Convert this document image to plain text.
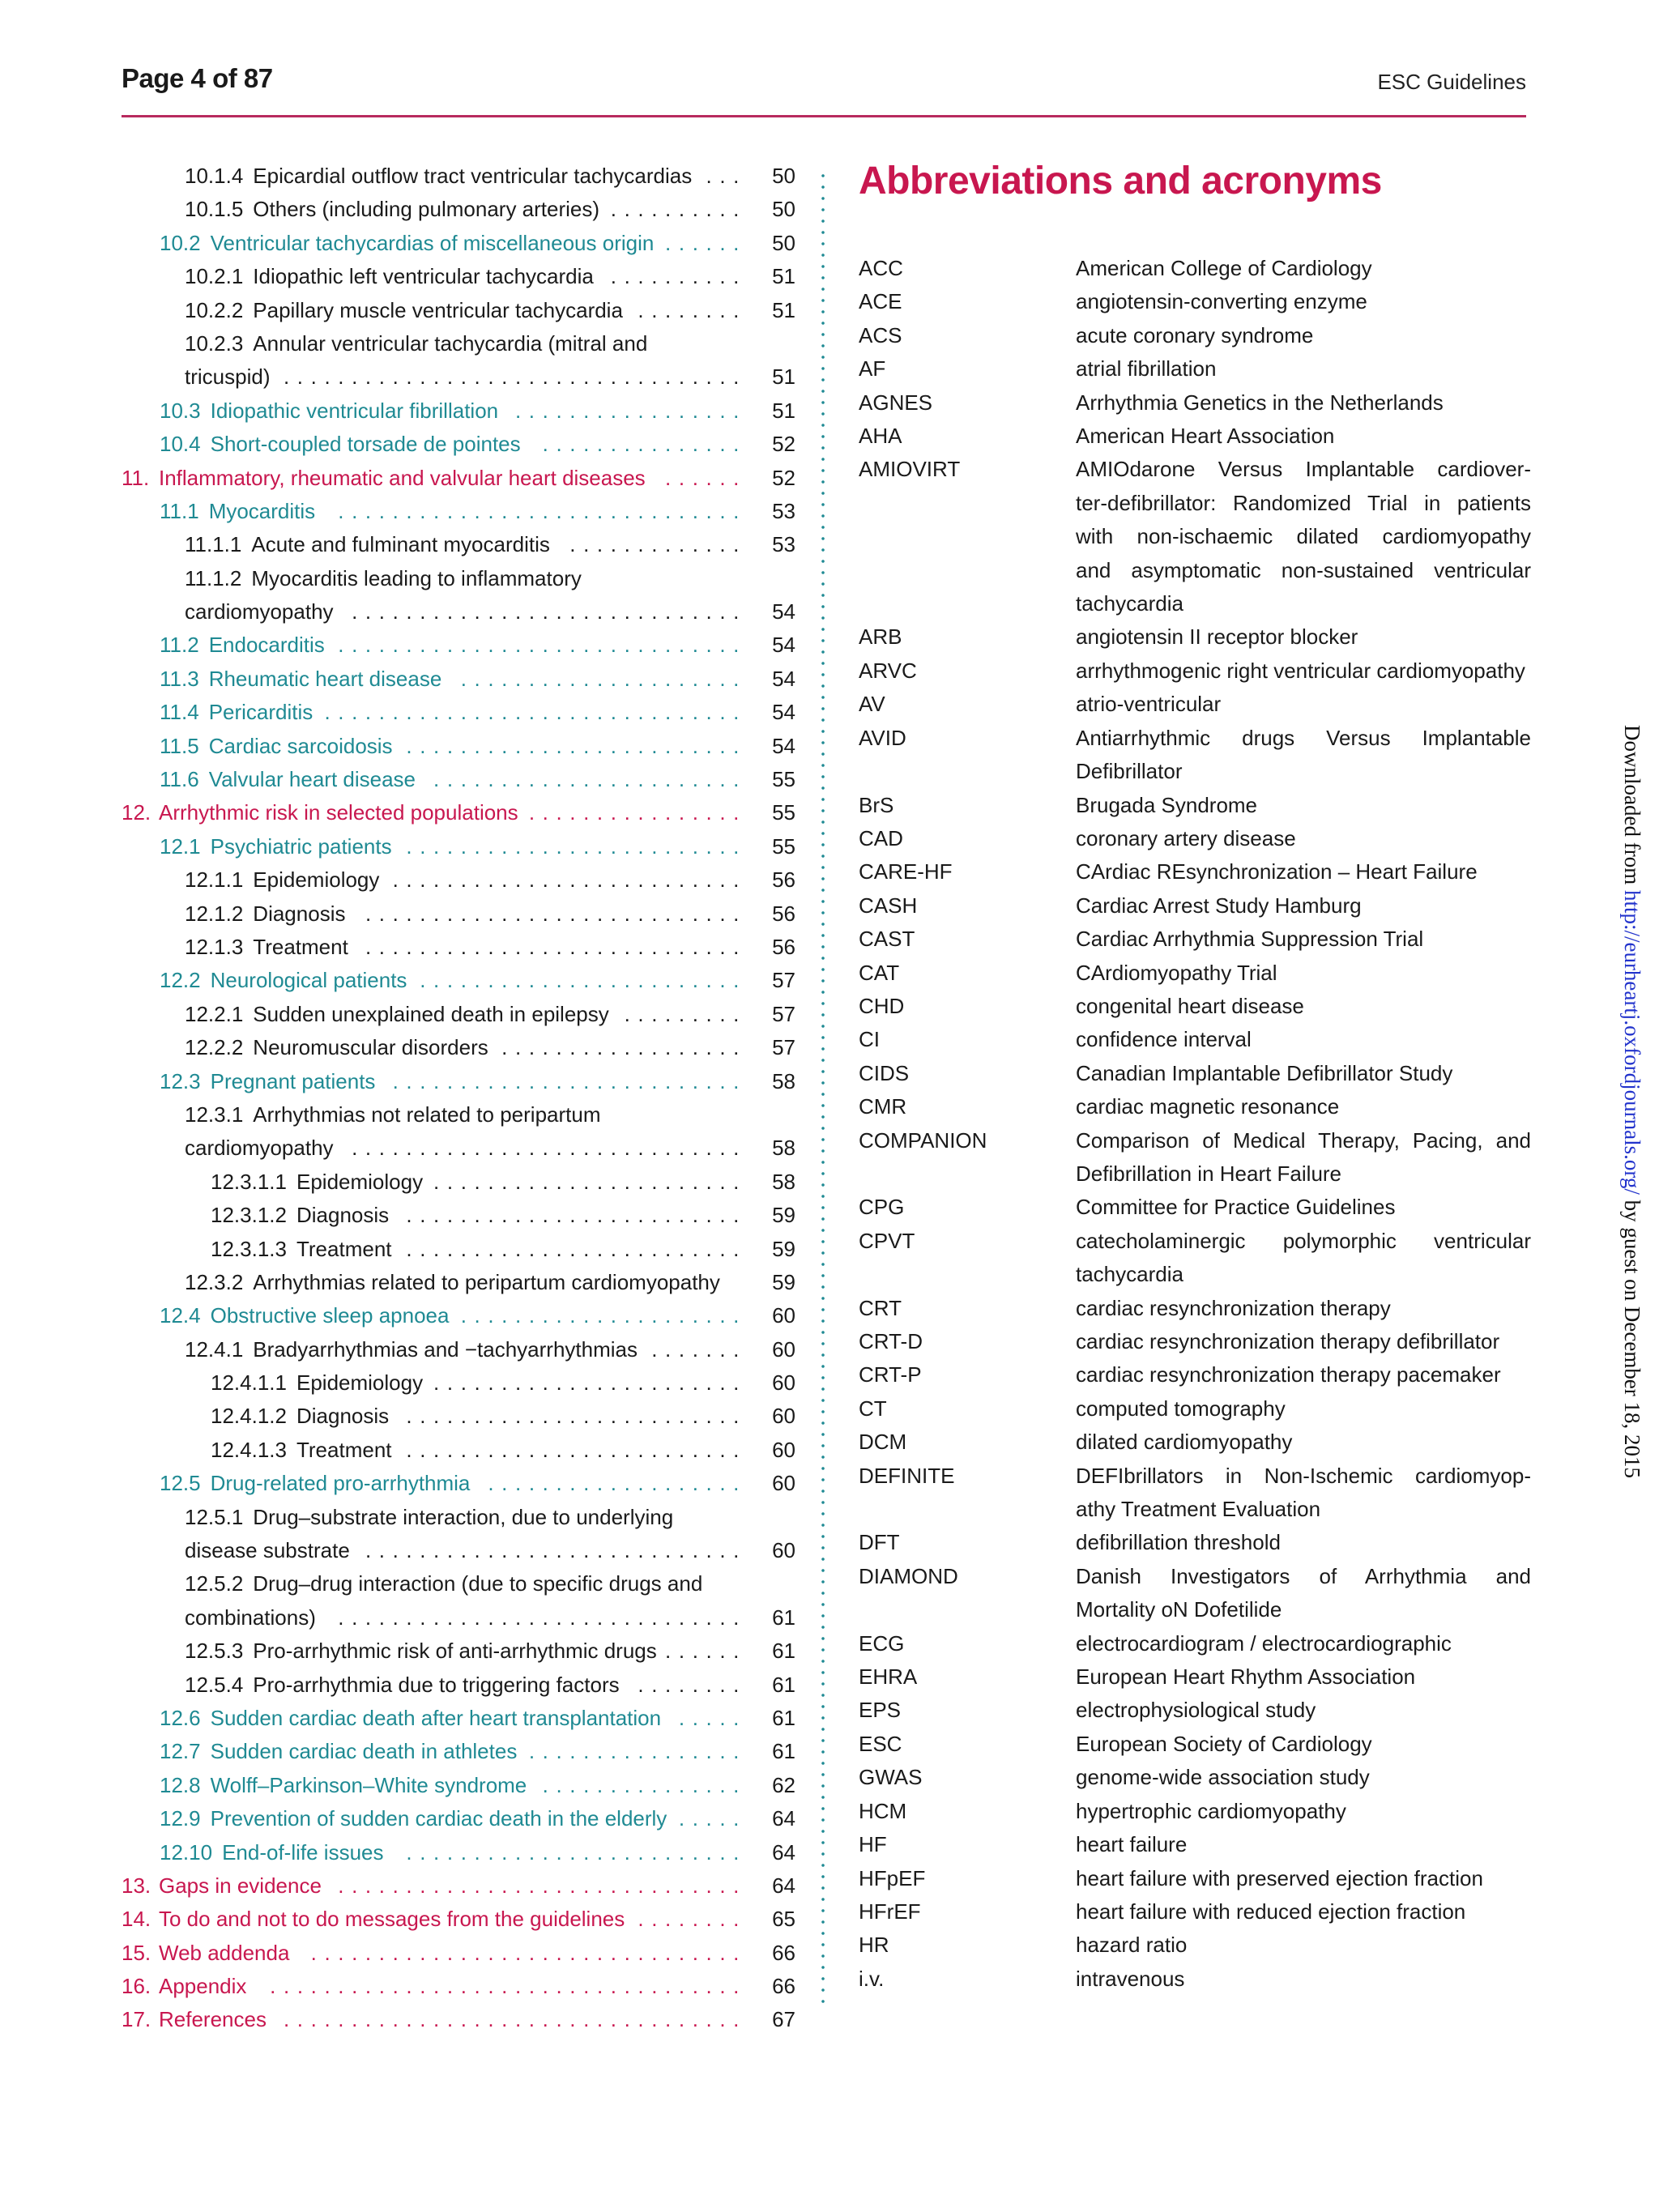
Page 4 of 87	ESC Guidelines
10.1.4 Epicardial outflow tract ventricular tachycardias ...	50
10.1.5 Others (including pulmonary arteries) ..........	50
10.2 Ventricular tachycardias of miscellaneous origin ......	50
10.2.1 Idiopathic left ventricular tachycardia ..........	51
10.2.2 Papillary muscle ventricular tachycardia ........	51
10.2.3 Annular ventricular tachycardia (mitral and
tricuspid) ..................................	51
10.3 Idiopathic ventricular fibrillation .................	51
10.4 Short-coupled torsade de pointes	...............	52
11. Inflammatory, rheumatic and valvular heart diseases ......	52
11.1 Myocarditis	..............................	53
11.1.1 Acute and fulminant myocarditis .............	53
11.1.2 Myocarditis leading to inflammatory
cardiomyopathy .............................	54
11.2 Endocarditis ..............................	54
11.3 Rheumatic heart disease .....................	54
11.4 Pericarditis ...............................	54
11.5 Cardiac sarcoidosis .........................	54
11.6 Valvular heart disease .......................	55
12. Arrhythmic risk in selected populations ................	55
12.1 Psychiatric patients .........................	55
12.1.1 Epidemiology ..........................	56
12.1.2 Diagnosis ............................	56
12.1.3 Treatment ............................	56
12.2 Neurological patients ........................	57
12.2.1 Sudden unexplained death in epilepsy .........	57
12.2.2 Neuromuscular disorders ..................	57
12.3 Pregnant patients ..........................	58
12.3.1 Arrhythmias not related to peripartum
cardiomyopathy .............................	58
12.3.1.1 Epidemiology .......................	58
12.3.1.2 Diagnosis .........................	59
12.3.1.3 Treatment .........................	59
12.3.2 Arrhythmias related to peripartum cardiomyopathy	59
12.4 Obstructive sleep apnoea .....................	60
12.4.1 Bradyarrhythmias and −tachyarrhythmias .......	60
12.4.1.1 Epidemiology .......................	60
12.4.1.2 Diagnosis .........................	60
12.4.1.3 Treatment .........................	60
12.5 Drug-related pro-arrhythmia ...................	60
12.5.1 Drug–substrate interaction, due to underlying
disease substrate ............................	60
12.5.2 Drug–drug interaction (due to specific drugs and
combinations)	..............................	61
12.5.3 Pro-arrhythmic risk of anti-arrhythmic drugs ......	61
12.5.4 Pro-arrhythmia due to triggering factors ........	61
12.6 Sudden cardiac death after heart transplantation .....	61
12.7 Sudden cardiac death in athletes ................	61
12.8 Wolff–Parkinson–White syndrome ...............	62
12.9 Prevention of sudden cardiac death in the elderly .....	64
12.10 End-of-life issues	.........................	64
13. Gaps in evidence ..............................	64
14. To do and not to do messages from the guidelines ........	65
15. Web addenda	................................	66
16. Appendix	...................................	66
17. References ..................................	67
Abbreviations and acronyms
ACC	American College of Cardiology
ACE	angiotensin-converting enzyme
ACS	acute coronary syndrome
AF	atrial fibrillation
AGNES	Arrhythmia Genetics in the Netherlands
AHA	American Heart Association
AMIOVIRT	AMIOdarone Versus Implantable cardiover-
ter-defibrillator: Randomized Trial in patients
with non-ischaemic dilated cardiomyopathy
and asymptomatic non-sustained ventricular
tachycardia
ARB	angiotensin II receptor blocker
ARVC	arrhythmogenic right ventricular cardiomyopathy
AV	atrio-ventricular
AVID	Antiarrhythmic drugs Versus Implantable
Defibrillator
BrS	Brugada Syndrome
CAD	coronary artery disease
CARE-HF	CArdiac REsynchronization – Heart Failure
CASH	Cardiac Arrest Study Hamburg
CAST	Cardiac Arrhythmia Suppression Trial
CAT	CArdiomyopathy Trial
CHD	congenital heart disease
CI	confidence interval
CIDS	Canadian Implantable Defibrillator Study
CMR	cardiac magnetic resonance
COMPANION	Comparison of Medical Therapy, Pacing, and
Defibrillation in Heart Failure
CPG	Committee for Practice Guidelines
CPVT	catecholaminergic polymorphic ventricular
tachycardia
CRT	cardiac resynchronization therapy
CRT-D	cardiac resynchronization therapy defibrillator
CRT-P	cardiac resynchronization therapy pacemaker
CT	computed tomography
DCM	dilated cardiomyopathy
DEFINITE	DEFIbrillators in Non-Ischemic cardiomyop-
athy Treatment Evaluation
DFT	defibrillation threshold
DIAMOND	Danish Investigators of Arrhythmia and
Mortality oN Dofetilide
ECG	electrocardiogram / electrocardiographic
EHRA	European Heart Rhythm Association
EPS	electrophysiological study
ESC	European Society of Cardiology
GWAS	genome-wide association study
HCM	hypertrophic cardiomyopathy
HF	heart failure
HFpEF	heart failure with preserved ejection fraction
HFrEF	heart failure with reduced ejection fraction
HR	hazard ratio
i.v.	intravenous
Downloaded from http://eurheartj.oxfordjournals.org/ by guest on December 18, 2015
